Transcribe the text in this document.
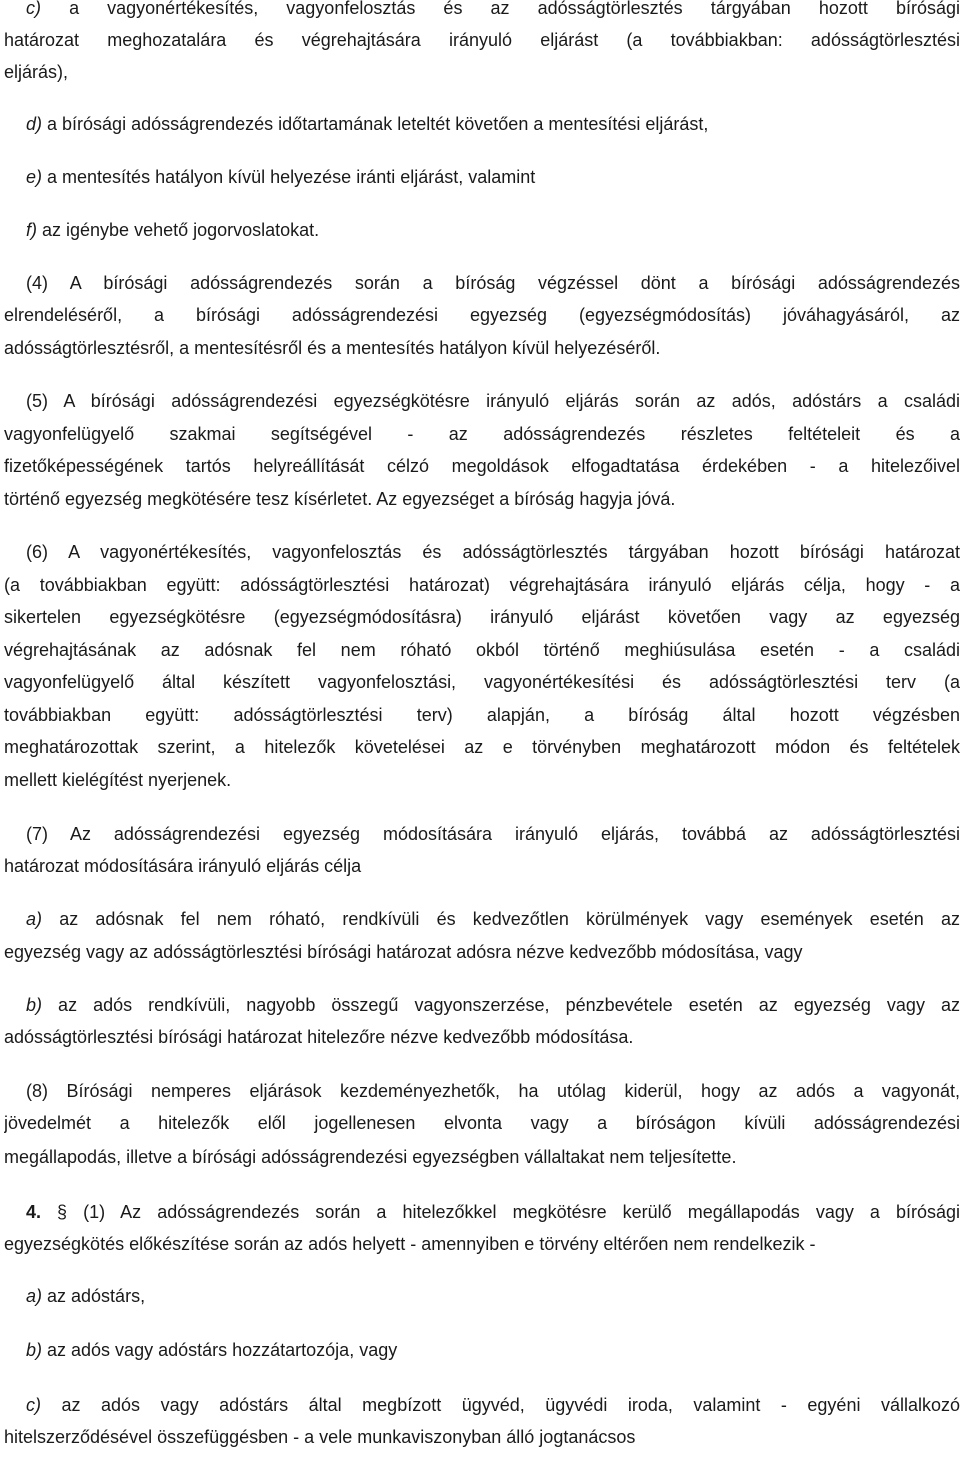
c) a vagyonértékesítés, vagyonfelosztás és az adósságtörlesztés tárgyában hozott bírósági
határozat meghozatalára és végrehajtására irányuló eljárást (a továbbiakban: adósságtörlesztési
eljárás),
d) a bírósági adósságrendezés időtartamának leteltét követően a mentesítési eljárást,
e) a mentesítés hatályon kívül helyezése iránti eljárást, valamint
f) az igénybe vehető jogorvoslatokat.
(4) A bírósági adósságrendezés során a bíróság végzéssel dönt a bírósági adósságrendezés
elrendeléséről, a bírósági adósságrendezési egyezség (egyezségmódosítás) jóváhagyásáról, az
adósságtörlesztésről, a mentesítésről és a mentesítés hatályon kívül helyezéséről.
(5) A bírósági adósságrendezési egyezségkötésre irányuló eljárás során az adós, adóstárs a családi
vagyonfelügyelő szakmai segítségével - az adósságrendezés részletes feltételeit és a
fizetőképességének tartós helyreállítását célzó megoldások elfogadtatása érdekében - a hitelezőivel
történő egyezség megkötésére tesz kísérletet. Az egyezséget a bíróság hagyja jóvá.
(6) A vagyonértékesítés, vagyonfelosztás és adósságtörlesztés tárgyában hozott bírósági határozat
(a továbbiakban együtt: adósságtörlesztési határozat) végrehajtására irányuló eljárás célja, hogy - a
sikertelen egyezségkötésre (egyezségmódosításra) irányuló eljárást követően vagy az egyezség
végrehajtásának az adósnak fel nem róható okból történő meghiúsulása esetén - a családi
vagyonfelügyelő által készített vagyonfelosztási, vagyonértékesítési és adósságtörlesztési terv (a
továbbiakban együtt: adósságtörlesztési terv) alapján, a bíróság által hozott végzésben
meghatározottak szerint, a hitelezők követelései az e törvényben meghatározott módon és feltételek
mellett kielégítést nyerjenek.
(7) Az adósságrendezési egyezség módosítására irányuló eljárás, továbbá az adósságtörlesztési
határozat módosítására irányuló eljárás célja
a) az adósnak fel nem róható, rendkívüli és kedvezőtlen körülmények vagy események esetén az
egyezség vagy az adósságtörlesztési bírósági határozat adósra nézve kedvezőbb módosítása, vagy
b) az adós rendkívüli, nagyobb összegű vagyonszerzése, pénzbevétele esetén az egyezség vagy az
adósságtörlesztési bírósági határozat hitelezőre nézve kedvezőbb módosítása.
(8) Bírósági nemperes eljárások kezdeményezhetők, ha utólag kiderül, hogy az adós a vagyonát,
jövedelmét a hitelezők elől jogellenesen elvonta vagy a bíróságon kívüli adósságrendezési
megállapodás, illetve a bírósági adósságrendezési egyezségben vállaltakat nem teljesítette.
4. § (1) Az adósságrendezés során a hitelezőkkel megkötésre kerülő megállapodás vagy a bírósági
egyezségkötés előkészítése során az adós helyett - amennyiben e törvény eltérően nem rendelkezik -
a) az adóstárs,
b) az adós vagy adóstárs hozzátartozója, vagy
c) az adós vagy adóstárs által megbízott ügyvéd, ügyvédi iroda, valamint - egyéni vállalkozó
hitelszerződésével összefüggésben - a vele munkaviszonyban álló jogtanácsos
